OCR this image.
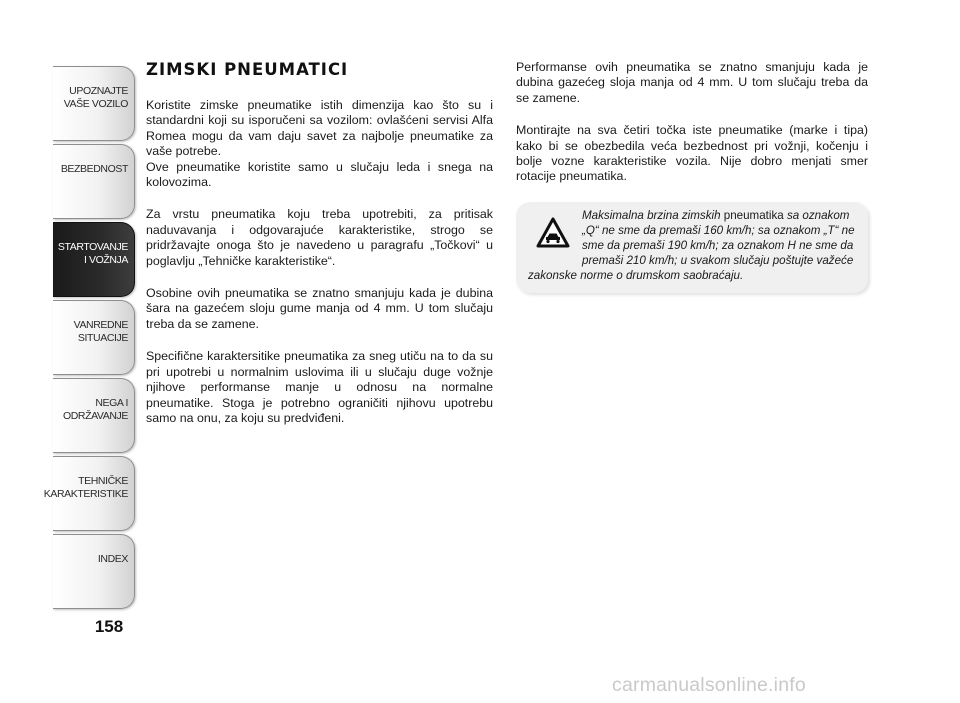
UPOZNAJTE
VAŠE VOZILO
BEZBEDNOST
STARTOVANJE
I VOŽNJA
VANREDNE
SITUACIJE
NEGA I
ODRŽAVANJE
TEHNIČKE
KARAKTERISTIKE
INDEX
158
ZIMSKI PNEUMATICI

Koristite zimske pneumatike istih dimenzija kao što su i standardni koji su isporučeni sa vozilom: ovlašćeni servisi Alfa Romea mogu da vam daju savet za najbolje pneumatike za vaše potrebe.

Ove pneumatike koristite samo u slučaju leda i snega na kolovozima.

Za vrstu pneumatika koju treba upotrebiti, za pritisak naduvavanja i odgovarajuće karakteristike, strogo se pridržavajte onoga što je navedeno u paragrafu „Točkovi“ u poglavlju „Tehničke karakteristike“.

Osobine ovih pneumatika se znatno smanjuju kada je dubina šara na gazećem sloju gume manja od 4 mm. U tom slučaju treba da se zamene.

Specifične karaktersitike pneumatika za sneg utiču na to da su pri upotrebi u normalnim uslovima ili u slučaju duge vožnje njihove performanse manje u odnosu na normalne pneumatike. Stoga je potrebno ograničiti njihovu upotrebu samo na onu, za koju su predviđeni.

Performanse ovih pneumatika se znatno smanjuju kada je dubina gazećeg sloja manja od 4 mm. U tom slučaju treba da se zamene.

Montirajte na sva četiri točka iste pneumatike (marke i tipa) kako bi se obezbedila veća bezbednost pri vožnji, kočenju i bolje vozne karakteristike vozila. Nije dobro menjati smer rotacije pneumatika.

Maksimalna brzina zimskih pneumatika sa oznakom „Q“ ne sme da premaši 160 km/h; sa oznakom „T“ ne sme da premaši 190 km/h; za oznakom H ne sme da premaši 210 km/h; u svakom slučaju poštujte važeće zakonske norme o drumskom saobraćaju.
carmanualsonline.info
